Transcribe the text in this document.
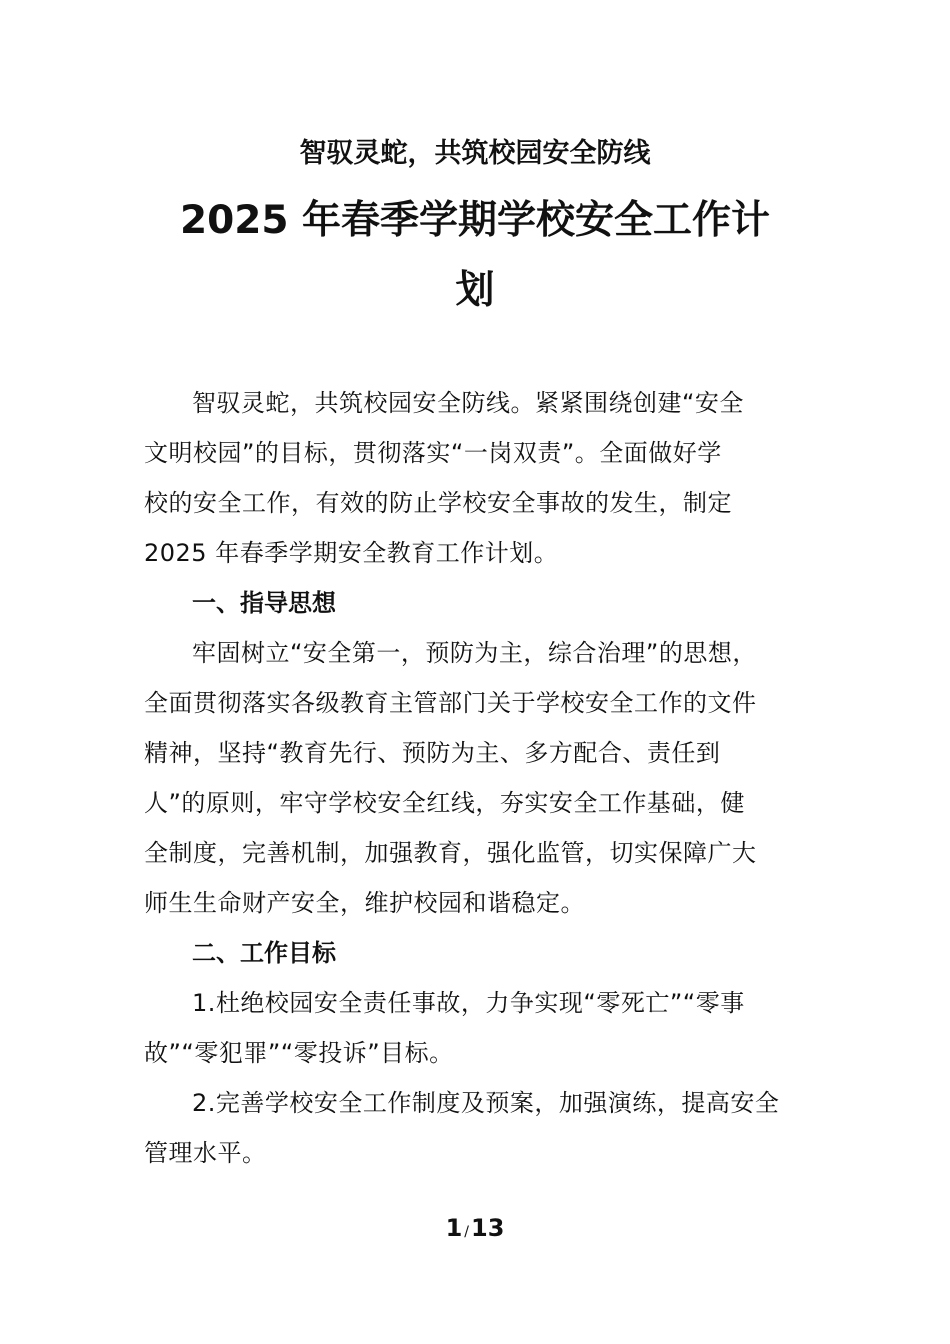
智驭灵蛇，共筑校园安全防线
2025 年春季学期学校安全工作计
划

智驭灵蛇，共筑校园安全防线。紧紧围绕创建“安全
文明校园”的目标，贯彻落实“一岗双责”。全面做好学
校的安全工作，有效的防止学校安全事故的发生，制定
2025 年春季学期安全教育工作计划。

一、指导思想

牢固树立“安全第一，预防为主，综合治理”的思想，
全面贯彻落实各级教育主管部门关于学校安全工作的文件
精神，坚持“教育先行、预防为主、多方配合、责任到
人”的原则，牢守学校安全红线，夯实安全工作基础，健
全制度，完善机制，加强教育，强化监管，切实保障广大
师生生命财产安全，维护校园和谐稳定。

二、工作目标

1.杜绝校园安全责任事故，力争实现“零死亡”“零事
故”“零犯罪”“零投诉”目标。

2.完善学校安全工作制度及预案，加强演练，提高安全
管理水平。

1 /13
